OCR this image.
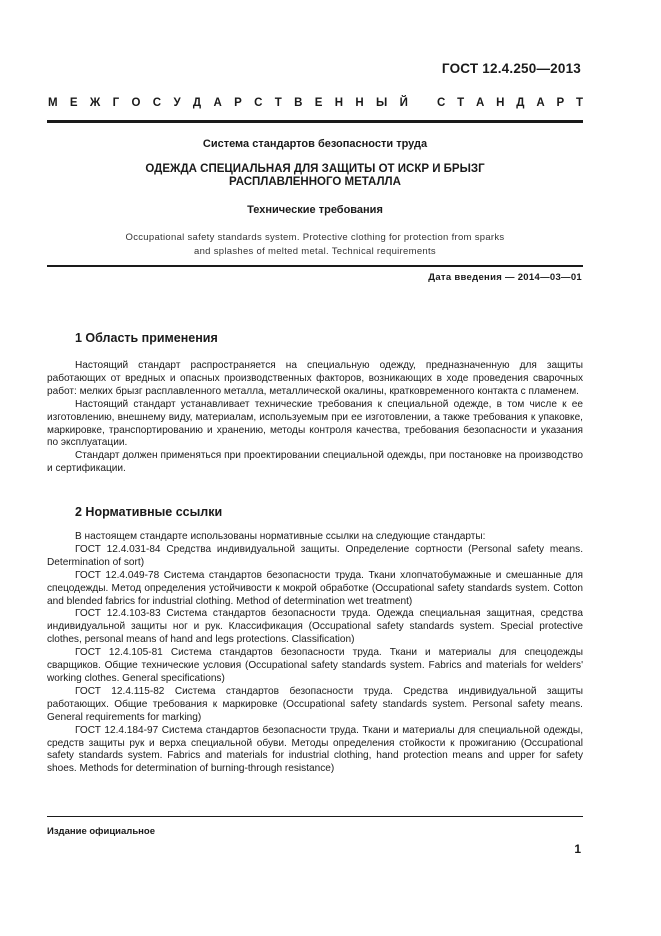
ГОСТ 12.4.250—2013
М Е Ж Г О С У Д А Р С Т В Е Н Н Ы Й	С Т А Н Д А Р Т
Система стандартов безопасности труда
ОДЕЖДА СПЕЦИАЛЬНАЯ ДЛЯ ЗАЩИТЫ ОТ ИСКР И БРЫЗГ
РАСПЛАВЛЕННОГО МЕТАЛЛА
Технические требования
Occupational safety standards system. Protective clothing for protection from sparks
and splashes of melted metal. Technical requirements
Дата введения — 2014—03—01
1 Область применения

Настоящий стандарт распространяется на специальную одежду, предназначенную для защиты работающих от вредных и опасных производственных факторов, возникающих в ходе проведения сварочных работ: мелких брызг расплавленного металла, металлической окалины, кратковременного контакта с пламенем.

Настоящий стандарт устанавливает технические требования к специальной одежде, в том числе к ее изготовлению, внешнему виду, материалам, используемым при ее изготовлении, а также требования к упаковке, маркировке, транспортированию и хранению, методы контроля качества, требования безопасности и указания по эксплуатации.

Стандарт должен применяться при проектировании специальной одежды, при постановке на производство и сертификации.

2 Нормативные ссылки

В настоящем стандарте использованы нормативные ссылки на следующие стандарты:

ГОСТ 12.4.031-84 Средства индивидуальной защиты. Определение сортности (Personal safety means. Determination of sort)

ГОСТ 12.4.049-78 Система стандартов безопасности труда. Ткани хлопчатобумажные и смешанные для спецодежды. Метод определения устойчивости к мокрой обработке (Occupational safety standards system. Cotton and blended fabrics for industrial clothing. Method of determination wet treatment)

ГОСТ 12.4.103-83 Система стандартов безопасности труда. Одежда специальная защитная, средства индивидуальной защиты ног и рук. Классификация (Occupational safety standards system. Special protective clothes, personal means of hand and legs protections. Classification)

ГОСТ 12.4.105-81 Система стандартов безопасности труда. Ткани и материалы для спецодежды сварщиков. Общие технические условия (Occupational safety standards system. Fabrics and materials for welders' working clothes. General specifications)

ГОСТ 12.4.115-82 Система стандартов безопасности труда. Средства индивидуальной защиты работающих. Общие требования к маркировке (Occupational safety standards system. Personal safety means. General requirements for marking)

ГОСТ 12.4.184-97 Система стандартов безопасности труда. Ткани и материалы для специальной одежды, средств защиты рук и верха специальной обуви. Методы определения стойкости к прожиганию (Occupational safety standards system. Fabrics and materials for industrial clothing, hand protection means and upper for safety shoes. Methods for determination of burning-through resistance)

Издание официальное
1
